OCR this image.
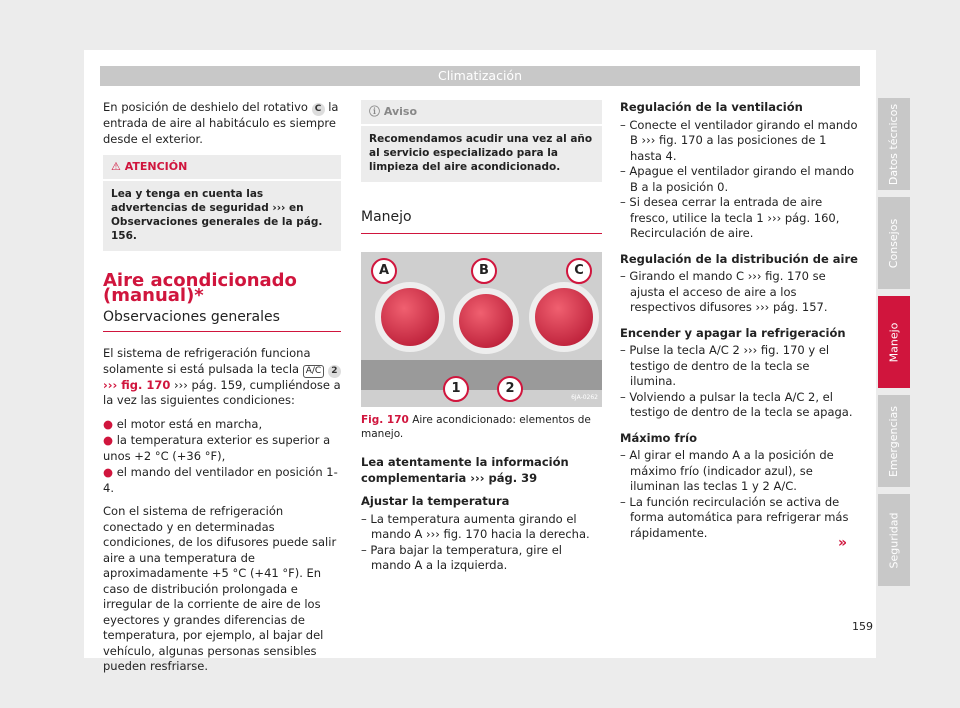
Climatización

En posición de deshielo del rotativo C la entrada de aire al habitáculo es siempre desde el exterior.

⚠ ATENCIÓN
Lea y tenga en cuenta las advertencias de seguridad ››› en Observaciones generales de la pág. 156.
Aire acondicionado (manual)*
Observaciones generales

El sistema de refrigeración funciona solamente si está pulsada la tecla A/C 2 ››› fig. 170 ››› pág. 159, cumpliéndose a la vez las siguientes condiciones:

● el motor está en marcha,
● la temperatura exterior es superior a unos +2 °C (+36 °F),
● el mando del ventilador en posición 1-4.

Con el sistema de refrigeración conectado y en determinadas condiciones, de los difusores puede salir aire a una temperatura de aproximadamente +5 °C (+41 °F). En caso de distribución prolongada e irregular de la corriente de aire de los eyectores y grandes diferencias de temperatura, por ejemplo, al bajar del vehículo, algunas personas sensibles pueden resfriarse.

ⓘ Aviso
Recomendamos acudir una vez al año al servicio especializado para la limpieza del aire acondicionado.
Manejo
A	B	C
1	2
6JA-0262
Fig. 170 Aire acondicionado: elementos de manejo.

Lea atentamente la información complementaria ››› pág. 39

Ajustar la temperatura
– La temperatura aumenta girando el mando A ››› fig. 170 hacia la derecha.
– Para bajar la temperatura, gire el mando A a la izquierda.
Regulación de la ventilación
– Conecte el ventilador girando el mando B ››› fig. 170 a las posiciones de 1 hasta 4.
– Apague el ventilador girando el mando B a la posición 0.
– Si desea cerrar la entrada de aire fresco, utilice la tecla 1 ››› pág. 160, Recirculación de aire.
Regulación de la distribución de aire
– Girando el mando C ››› fig. 170 se ajusta el acceso de aire a los respectivos difusores ››› pág. 157.
Encender y apagar la refrigeración
– Pulse la tecla A/C 2 ››› fig. 170 y el testigo de dentro de la tecla se ilumina.
– Volviendo a pulsar la tecla A/C 2, el testigo de dentro de la tecla se apaga.
Máximo frío
– Al girar el mando A a la posición de máximo frío (indicador azul), se iluminan las teclas 1 y 2 A/C.
– La función recirculación se activa de forma automática para refrigerar más rápidamente.
»
Datos técnicos
Consejos
Manejo
Emergencias
Seguridad
159
